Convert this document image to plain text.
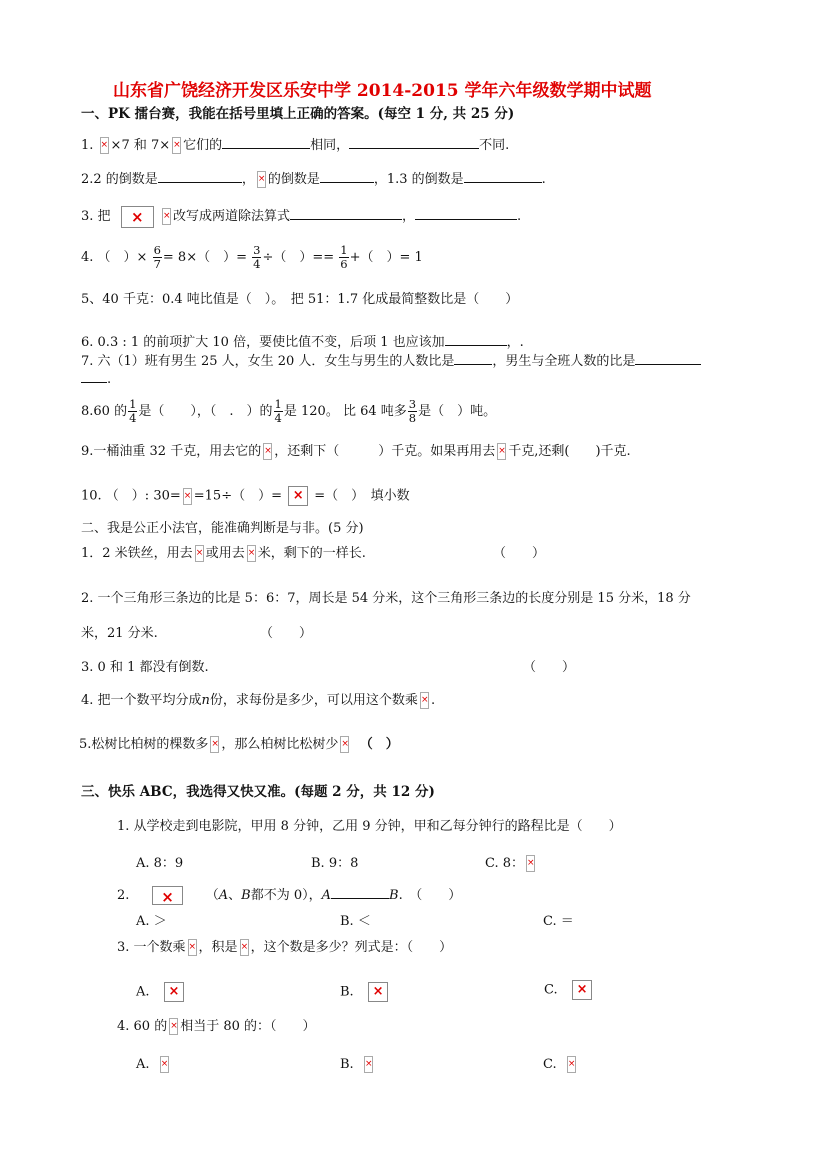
山东省广饶经济开发区乐安中学 2014-2015 学年六年级数学期中试题
一、PK 擂台赛，我能在括号里填上正确的答案。(每空 1 分, 共 25 分)
1. × ×7 和 7× × 它们的	相同，	不同.
2.2 的倒数是	， × 的倒数是	，1.3 的倒数是	.
3. 把 × ×	改写成两道除法算式	，	.
4. （　）× $\frac{6}{7} = 8\times$（　）= $\frac{3}{4}$ ÷（　）== $\frac{1}{6}$ +（　）= 1
5、40 千克：0.4 吨比值是（　）。　把 51：1.7 化成最简整数比是（　　）
6. 0.3 : 1 的前项扩大 10 倍，要使比值不变，后项 1 也应该加	，.
7. 六（1）班有男生 25 人，女生 20 人．女生与男生的人数比是	，男生与全班人数的比是
.
8.60 的 $\frac{1}{4}$ 是（　　），（　.　）的 $\frac{1}{4}$ 是 120。 比 64 吨多 $\frac{3}{8}$ 是（　）吨。
9.一桶油重 32 千克，用去它的 × ，还剩下（　　　）千克。如果再用去 × 千克,还剩(　　)千克.
10. （　）: 30= × =15÷（　）= × =（　）　填小数
二、我是公正小法官，能准确判断是与非。(5 分)
1．2 米铁丝，用去 × 或用去 × 米，剩下的一样长.	（　　）
2. 一个三角形三条边的比是 5：6：7，周长是 54 分米，这个三角形三条边的长度分别是 15 分米，18 分
米，21 分米.	（　　）
3. 0 和 1 都没有倒数.	（　　）
4. 把一个数平均分成n份，求每份是多少，可以用这个数乘 × .
5.松树比柏树的棵数多 × ，那么柏树比松树少 × （　）
三、快乐 ABC，我选得又快又准。(每题 2 分，共 12 分)
1. 从学校走到电影院，甲用 8 分钟，乙用 9 分钟，甲和乙每分钟行的路程比是（　　）
A. 8：9	B. 9：8	C. 8：×
2. ×	（A、B都不为 0），A	B.　（　　）
A. ＞	B. ＜	C. ＝
3. 一个数乘 × ，积是 × ，这个数是多少？列式是：（　　）
A. ×	B. ×	C.   ×
4. 60 的 × 相当于 80 的：（　　）
A. ×	B. ×	C.  ×
